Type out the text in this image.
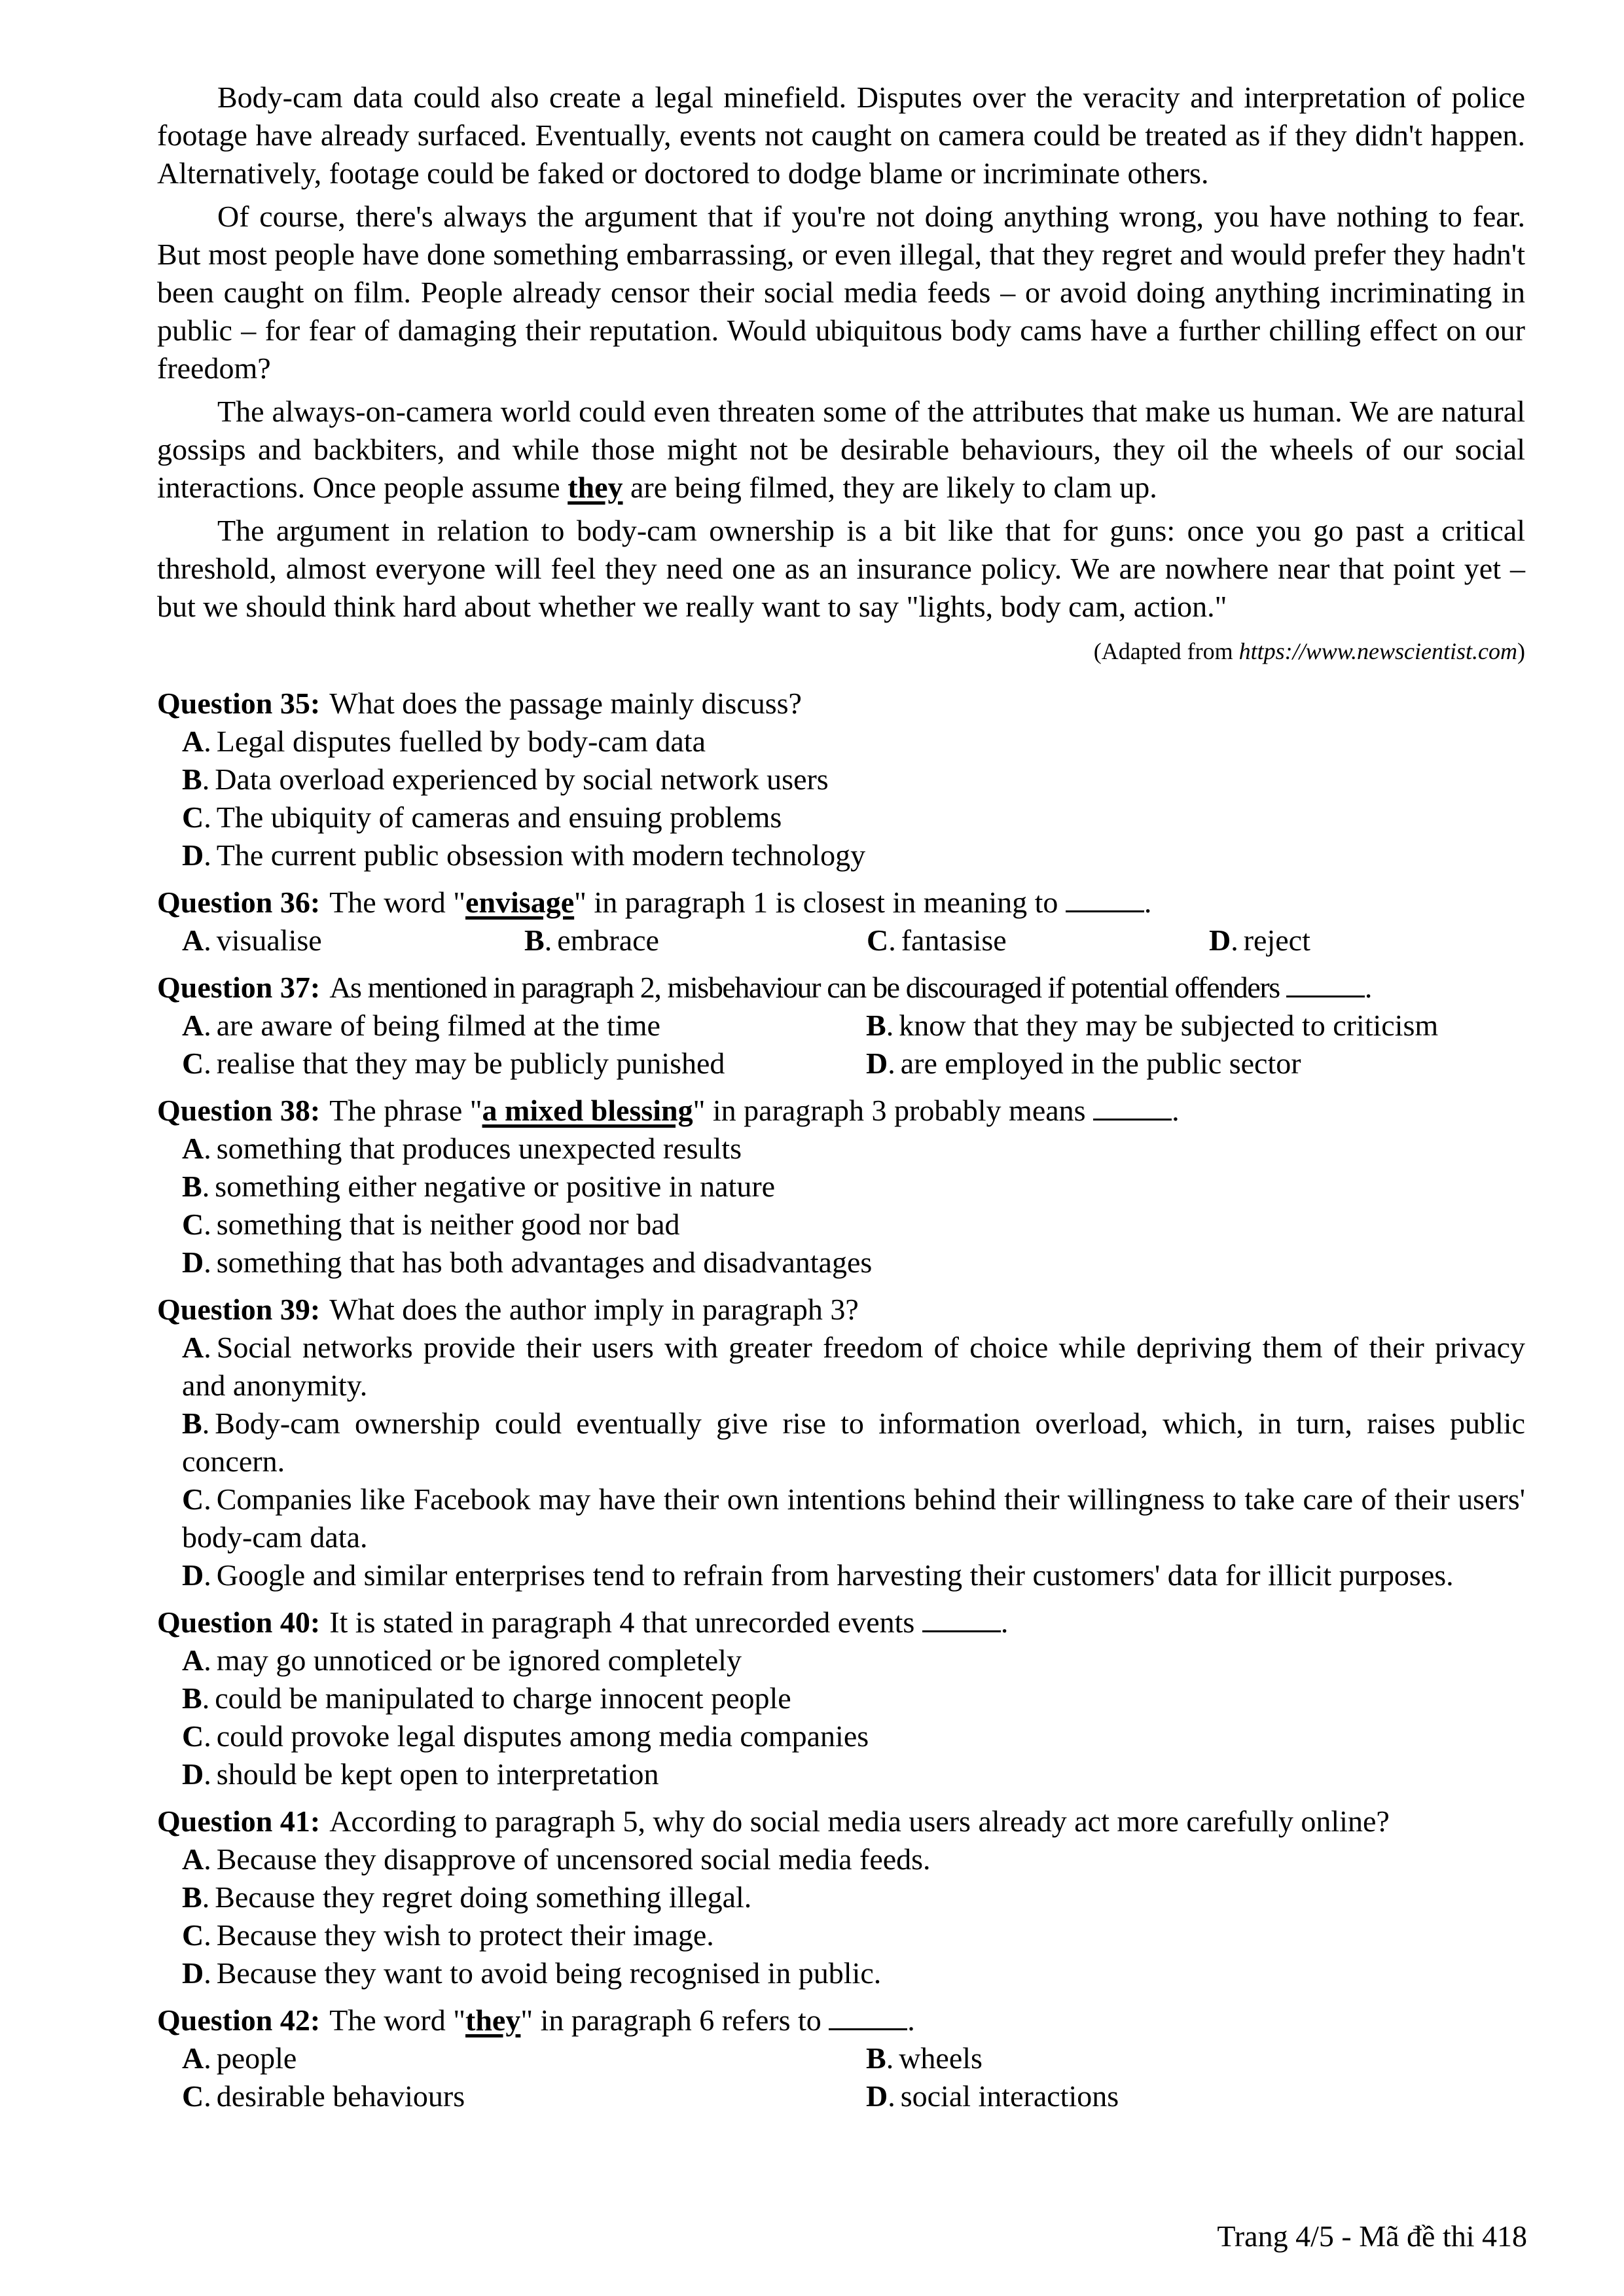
Body-cam data could also create a legal minefield. Disputes over the veracity and interpretation of police footage have already surfaced. Eventually, events not caught on camera could be treated as if they didn't happen. Alternatively, footage could be faked or doctored to dodge blame or incriminate others.

Of course, there's always the argument that if you're not doing anything wrong, you have nothing to fear. But most people have done something embarrassing, or even illegal, that they regret and would prefer they hadn't been caught on film. People already censor their social media feeds – or avoid doing anything incriminating in public – for fear of damaging their reputation. Would ubiquitous body cams have a further chilling effect on our freedom?

The always-on-camera world could even threaten some of the attributes that make us human. We are natural gossips and backbiters, and while those might not be desirable behaviours, they oil the wheels of our social interactions. Once people assume they are being filmed, they are likely to clam up.

The argument in relation to body-cam ownership is a bit like that for guns: once you go past a critical threshold, almost everyone will feel they need one as an insurance policy. We are nowhere near that point yet – but we should think hard about whether we really want to say "lights, body cam, action."

(Adapted from https://www.newscientist.com)
Question 35: What does the passage mainly discuss?
A. Legal disputes fuelled by body-cam data
B. Data overload experienced by social network users
C. The ubiquity of cameras and ensuing problems
D. The current public obsession with modern technology
Question 36: The word "envisage" in paragraph 1 is closest in meaning to	.
A. visualise	B. embrace	C. fantasise	D. reject
Question 37: As mentioned in paragraph 2, misbehaviour can be discouraged if potential offenders	.
A. are aware of being filmed at the time	B. know that they may be subjected to criticism
C. realise that they may be publicly punished	D. are employed in the public sector
Question 38: The phrase "a mixed blessing" in paragraph 3 probably means	.
A. something that produces unexpected results
B. something either negative or positive in nature
C. something that is neither good nor bad
D. something that has both advantages and disadvantages
Question 39: What does the author imply in paragraph 3?
A. Social networks provide their users with greater freedom of choice while depriving them of their privacy and anonymity.
B. Body-cam ownership could eventually give rise to information overload, which, in turn, raises public concern.
C. Companies like Facebook may have their own intentions behind their willingness to take care of their users' body-cam data.
D. Google and similar enterprises tend to refrain from harvesting their customers' data for illicit purposes.
Question 40: It is stated in paragraph 4 that unrecorded events	.
A. may go unnoticed or be ignored completely
B. could be manipulated to charge innocent people
C. could provoke legal disputes among media companies
D. should be kept open to interpretation
Question 41: According to paragraph 5, why do social media users already act more carefully online?
A. Because they disapprove of uncensored social media feeds.
B. Because they regret doing something illegal.
C. Because they wish to protect their image.
D. Because they want to avoid being recognised in public.
Question 42: The word "they" in paragraph 6 refers to	.
A. people	B. wheels
C. desirable behaviours	D. social interactions
Trang 4/5 - Mã đề thi 418
